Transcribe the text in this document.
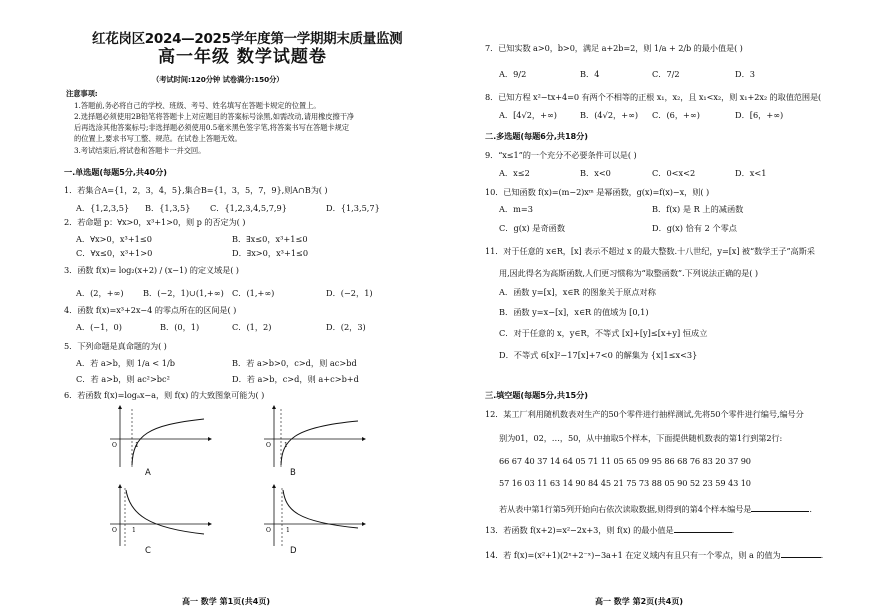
红花岗区2024—2025学年度第一学期期末质量监测
高一年级 数学试题卷
（考试时间:120分钟 试卷满分:150分）
注意事项:
1.答题前,务必将自己的学校、班级、考号、姓名填写在答题卡规定的位置上。
2.选择题必须使用2B铅笔将答题卡上对应题目的答案标号涂黑,如需改动,请用橡皮擦干净
后再选涂其他答案标号;非选择题必须使用0.5毫米黑色签字笔,将答案书写在答题卡规定
的位置上,要求书写工整、规范。在试卷上答题无效。
3.考试结束后,将试卷和答题卡一并交回。
一.单选题(每题5分,共40分)
1．若集合A={1，2，3，4，5},集合B={1，3，5，7，9},则A∩B为( )
A．{1,2,3,5} B．{1,3,5} C．{1,2,3,4,5,7,9}	D．{1,3,5,7}
2．若命题 p：∀x>0，x³+1>0，则 p 的否定为( )
A．∀x>0，x³+1≤0	B．∃x≤0，x³+1≤0
C．∀x≤0，x³+1>0	D．∃x>0，x³+1≤0
3．函数 f(x)= log₂(x+2) / (x−1) 的定义域是( )
A．(2，+∞) B．(−2，1)∪(1,+∞) C．(1,+∞)	D．(−2，1)
4．函数 f(x)=x³+2x−4 的零点所在的区间是( )
A．(−1，0)	B．(0，1)	C．(1，2)	D．(2，3)
5．下列命题是真命题的为( )
A．若 a>b，则 1/a < 1/b	B．若 a>b>0，c>d，则 ac>bd
C．若 a>b，则 ac²>bc²	D．若 a>b，c>d，则 a+c>b+d
6．若函数 f(x)=logₐx−a，则 f(x) 的大致图象可能为( )
O	1
A
O 1
B
O	1
C
O	1
D
高一 数学 第1页(共4页)
7．已知实数 a>0，b>0，满足 a+2b=2，则 1/a + 2/b 的最小值是( )
A．9/2	B．4	C．7/2	D．3
8．已知方程 x²−tx+4=0 有两个不相等的正根 x₁，x₂，且 x₁<x₂，则 x₁+2x₂ 的取值范围是(
A．[4√2，+∞)	B．(4√2，+∞) C．(6，+∞)	D．[6，+∞)
二.多选题(每题6分,共18分)
9．“x≤1”的一个充分不必要条件可以是( )
A．x≤2	B．x<0	C．0<x<2	D．x<1
10．已知函数 f(x)=(m−2)xᵐ 是幂函数，g(x)=f(x)−x，则( )
A．m=3	B．f(x) 是 R 上的减函数
C．g(x) 是奇函数	D．g(x) 恰有 2 个零点
11．对于任意的 x∈R，[x] 表示不超过 x 的最大整数.十八世纪，y=[x] 被“数学王子”高斯采
用,因此得名为高斯函数,人们更习惯称为“取整函数”.下列说法正确的是( )
A．函数 y=[x]，x∈R 的图象关于原点对称
B．函数 y=x−[x]，x∈R 的值域为 [0,1)
C．对于任意的 x，y∈R，不等式 [x]+[y]≤[x+y] 恒成立
D．不等式 6[x]²−17[x]+7<0 的解集为 {x|1≤x<3}
三.填空题(每题5分,共15分)
12．某工厂利用随机数表对生产的50个零件进行抽样测试,先将50个零件进行编号,编号分
别为01，02，…，50，从中抽取5个样本，下面提供随机数表的第1行到第2行:
66 67 40 37 14 64 05 71 11 05 65 09 95 86 68 76 83 20 37 90
57 16 03 11 63 14 90 84 45 21 75 73 88 05 90 52 23 59 43 10
若从表中第1行第5列开始向右依次读取数据,则得到的第4个样本编号是	.
13．若函数 f(x+2)=x²−2x+3，则 f(x) 的最小值是	.
14．若 f(x)=(x²+1)(2ˣ+2⁻ˣ)−3a+1 在定义域内有且只有一个零点，则 a 的值为	.
高一 数学 第2页(共4页)
